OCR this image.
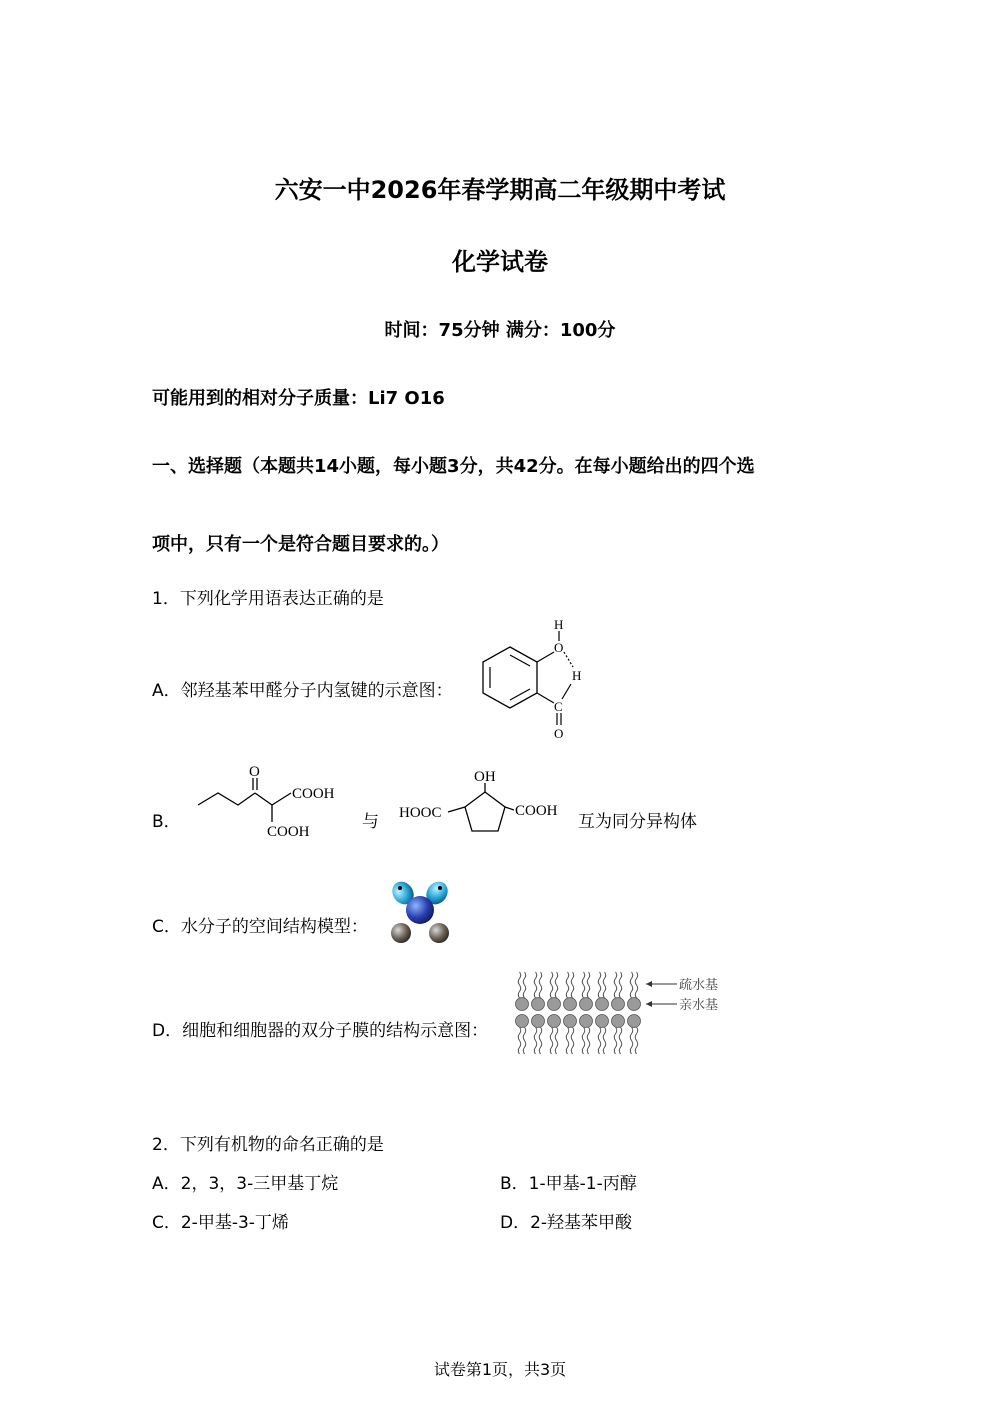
六安一中2026年春学期高二年级期中考试
化学试卷
时间：75分钟 满分：100分
可能用到的相对分子质量：Li7 O16
一、选择题（本题共14小题，每小题3分，共42分。在每小题给出的四个选
项中，只有一个是符合题目要求的。）
1．下列化学用语表达正确的是
A．邻羟基苯甲醛分子内氢键的示意图：
H
O
H
C
O
B．
O
COOH
COOH	与
OH
HOOC	COOH
互为同分异构体
C．水分子的空间结构模型：
D．细胞和细胞器的双分子膜的结构示意图：
疏水基
亲水基
2．下列有机物的命名正确的是
A．2，3，3-三甲基丁烷	B．1-甲基-1-丙醇
C．2-甲基-3-丁烯	D．2-羟基苯甲酸
试卷第1页，共3页
